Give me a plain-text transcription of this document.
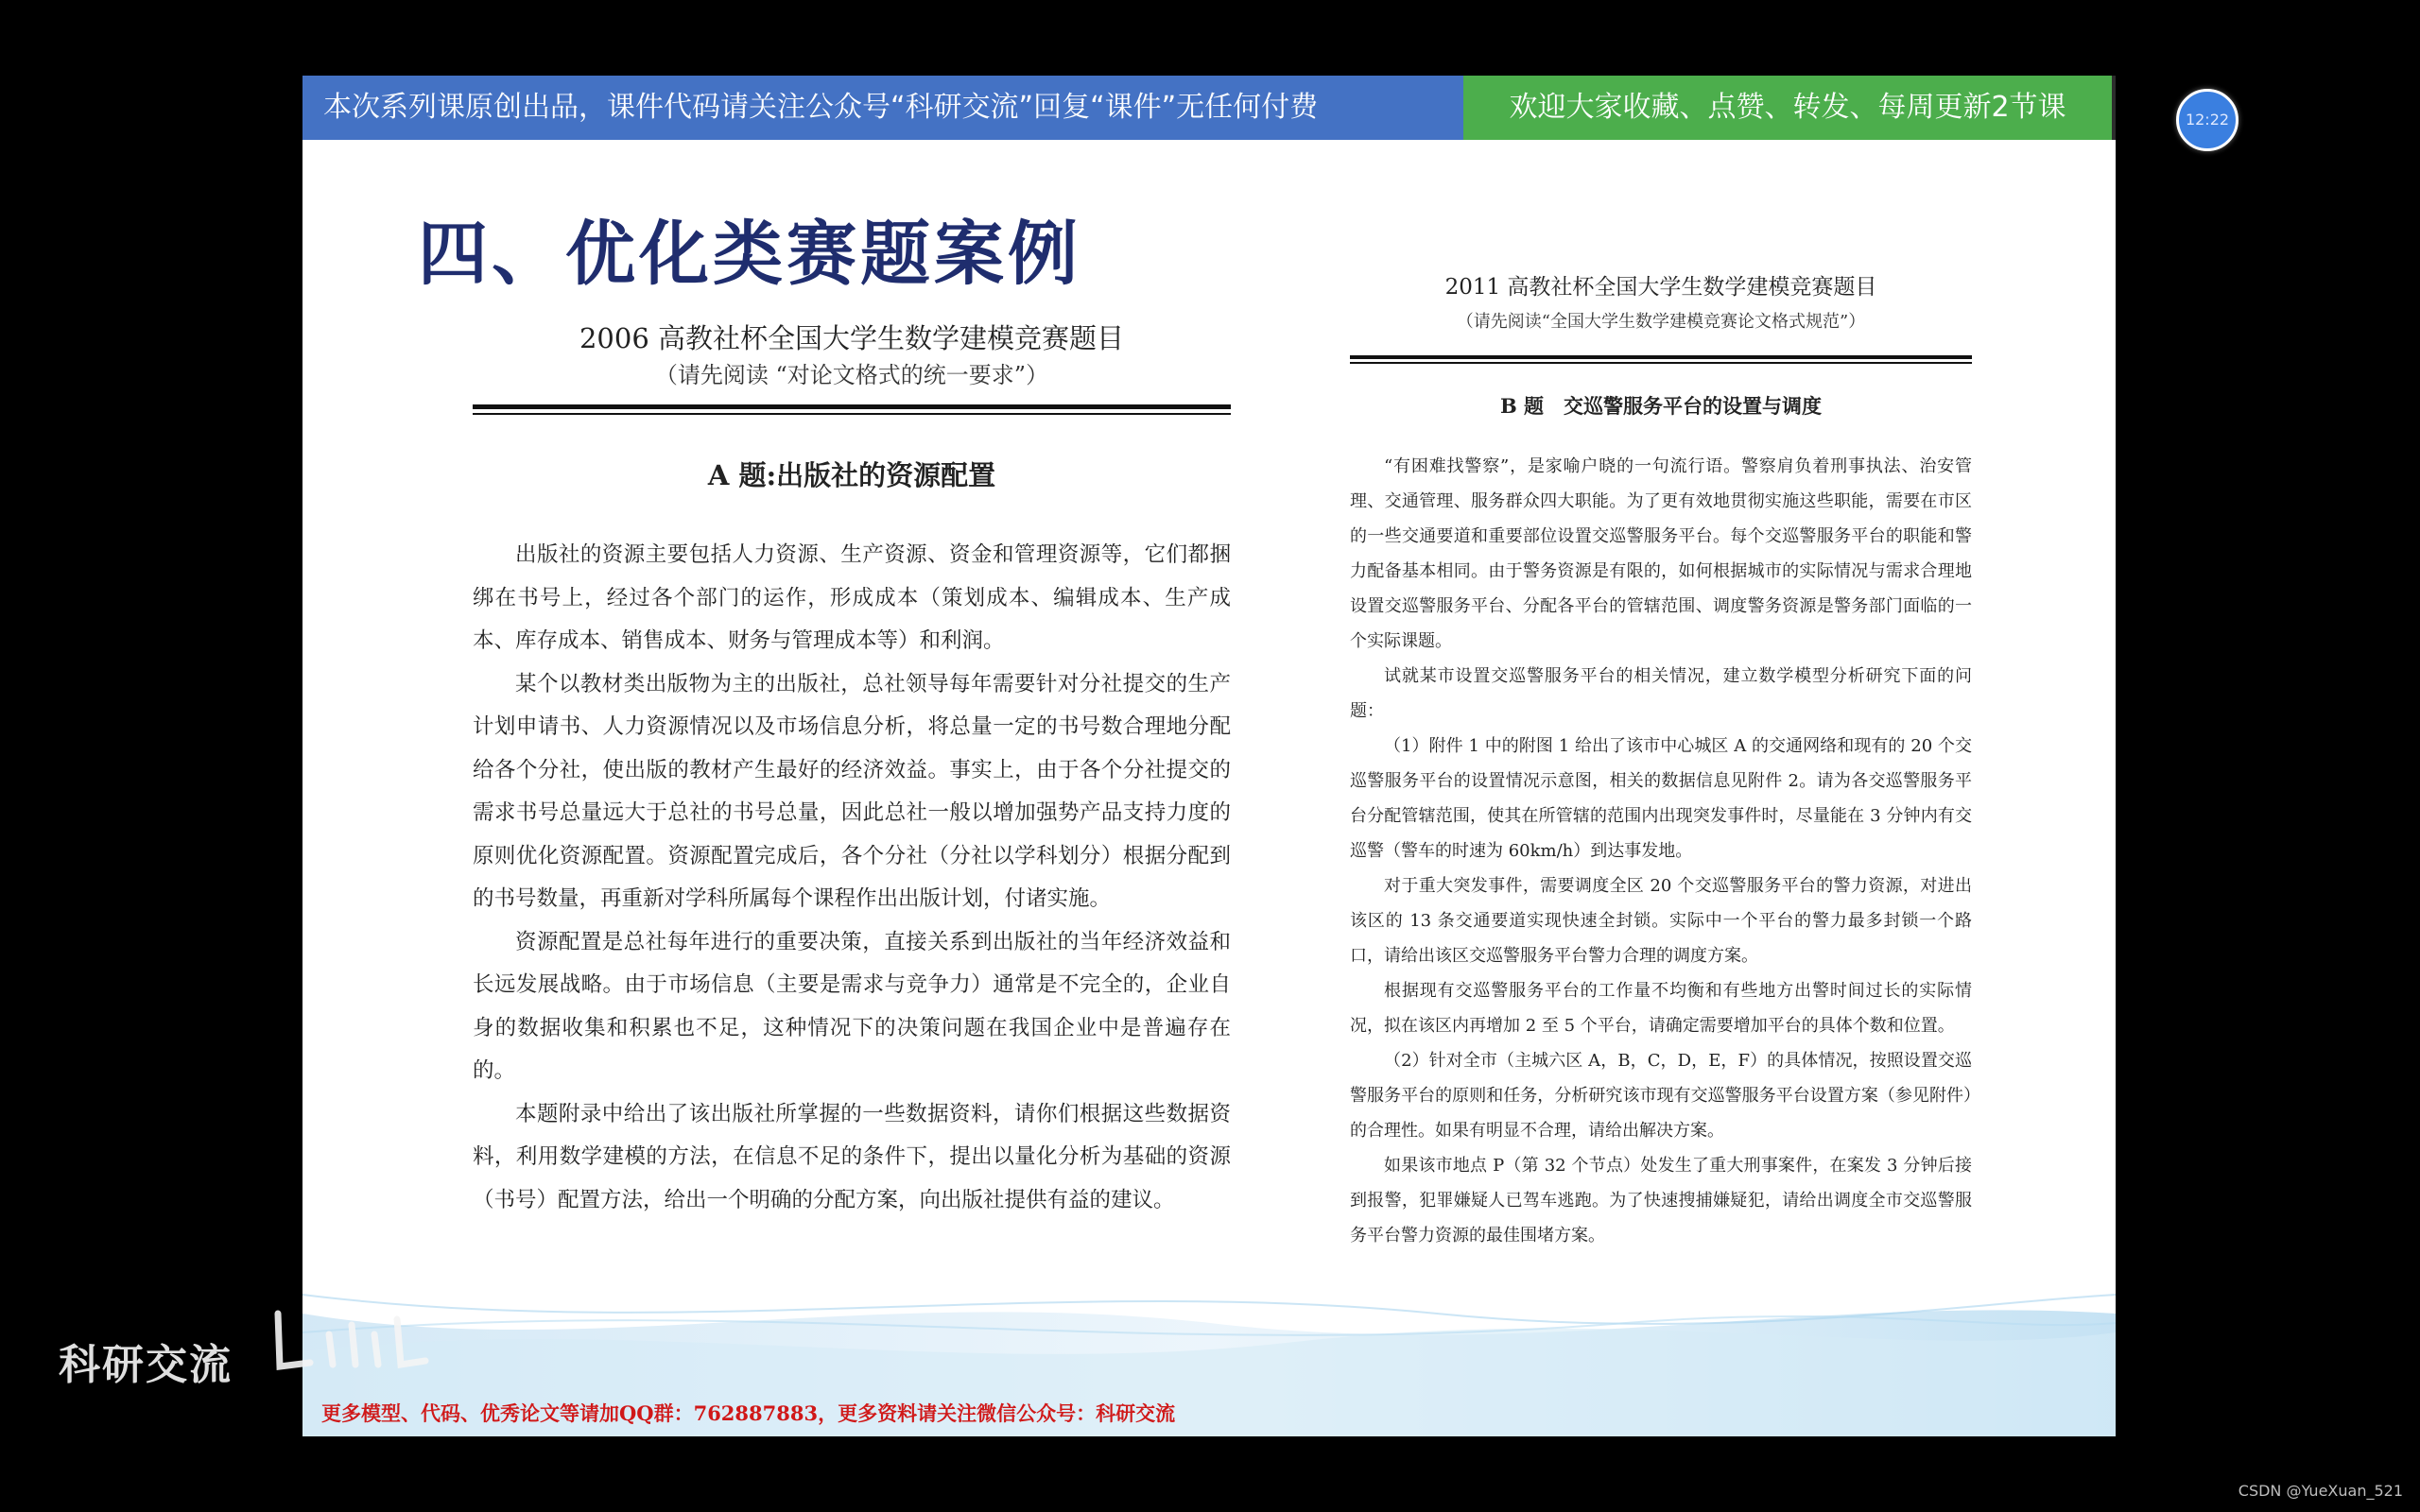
本次系列课原创出品，课件代码请关注公众号“科研交流”回复“课件”无任何付费	欢迎大家收藏、点赞、转发、每周更新2节课
四、优化类赛题案例
2006 高教社杯全国大学生数学建模竞赛题目
（请先阅读 “对论文格式的统一要求”）
A 题:出版社的资源配置

出版社的资源主要包括人力资源、生产资源、资金和管理资源等，它们都捆绑在书号上，经过各个部门的运作，形成成本（策划成本、编辑成本、生产成本、库存成本、销售成本、财务与管理成本等）和利润。

某个以教材类出版物为主的出版社，总社领导每年需要针对分社提交的生产计划申请书、人力资源情况以及市场信息分析，将总量一定的书号数合理地分配给各个分社，使出版的教材产生最好的经济效益。事实上，由于各个分社提交的需求书号总量远大于总社的书号总量，因此总社一般以增加强势产品支持力度的原则优化资源配置。资源配置完成后，各个分社（分社以学科划分）根据分配到的书号数量，再重新对学科所属每个课程作出出版计划，付诸实施。

资源配置是总社每年进行的重要决策，直接关系到出版社的当年经济效益和长远发展战略。由于市场信息（主要是需求与竞争力）通常是不完全的，企业自身的数据收集和积累也不足，这种情况下的决策问题在我国企业中是普遍存在的。

本题附录中给出了该出版社所掌握的一些数据资料，请你们根据这些数据资料，利用数学建模的方法，在信息不足的条件下，提出以量化分析为基础的资源（书号）配置方法，给出一个明确的分配方案，向出版社提供有益的建议。

2011 高教社杯全国大学生数学建模竞赛题目
（请先阅读“全国大学生数学建模竞赛论文格式规范”）
B 题　交巡警服务平台的设置与调度

“有困难找警察”，是家喻户晓的一句流行语。警察肩负着刑事执法、治安管理、交通管理、服务群众四大职能。为了更有效地贯彻实施这些职能，需要在市区的一些交通要道和重要部位设置交巡警服务平台。每个交巡警服务平台的职能和警力配备基本相同。由于警务资源是有限的，如何根据城市的实际情况与需求合理地设置交巡警服务平台、分配各平台的管辖范围、调度警务资源是警务部门面临的一个实际课题。

试就某市设置交巡警服务平台的相关情况，建立数学模型分析研究下面的问题：

（1）附件 1 中的附图 1 给出了该市中心城区 A 的交通网络和现有的 20 个交巡警服务平台的设置情况示意图，相关的数据信息见附件 2。请为各交巡警服务平台分配管辖范围，使其在所管辖的范围内出现突发事件时，尽量能在 3 分钟内有交巡警（警车的时速为 60km/h）到达事发地。

对于重大突发事件，需要调度全区 20 个交巡警服务平台的警力资源，对进出该区的 13 条交通要道实现快速全封锁。实际中一个平台的警力最多封锁一个路口，请给出该区交巡警服务平台警力合理的调度方案。

根据现有交巡警服务平台的工作量不均衡和有些地方出警时间过长的实际情况，拟在该区内再增加 2 至 5 个平台，请确定需要增加平台的具体个数和位置。

（2）针对全市（主城六区 A，B，C，D，E，F）的具体情况，按照设置交巡警服务平台的原则和任务，分析研究该市现有交巡警服务平台设置方案（参见附件）的合理性。如果有明显不合理，请给出解决方案。

如果该市地点 P（第 32 个节点）处发生了重大刑事案件，在案发 3 分钟后接到报警，犯罪嫌疑人已驾车逃跑。为了快速搜捕嫌疑犯，请给出调度全市交巡警服务平台警力资源的最佳围堵方案。

更多模型、代码、优秀论文等请加QQ群：762887883，更多资料请关注微信公众号：科研交流
科研交流
12:22
CSDN @YueXuan_521
